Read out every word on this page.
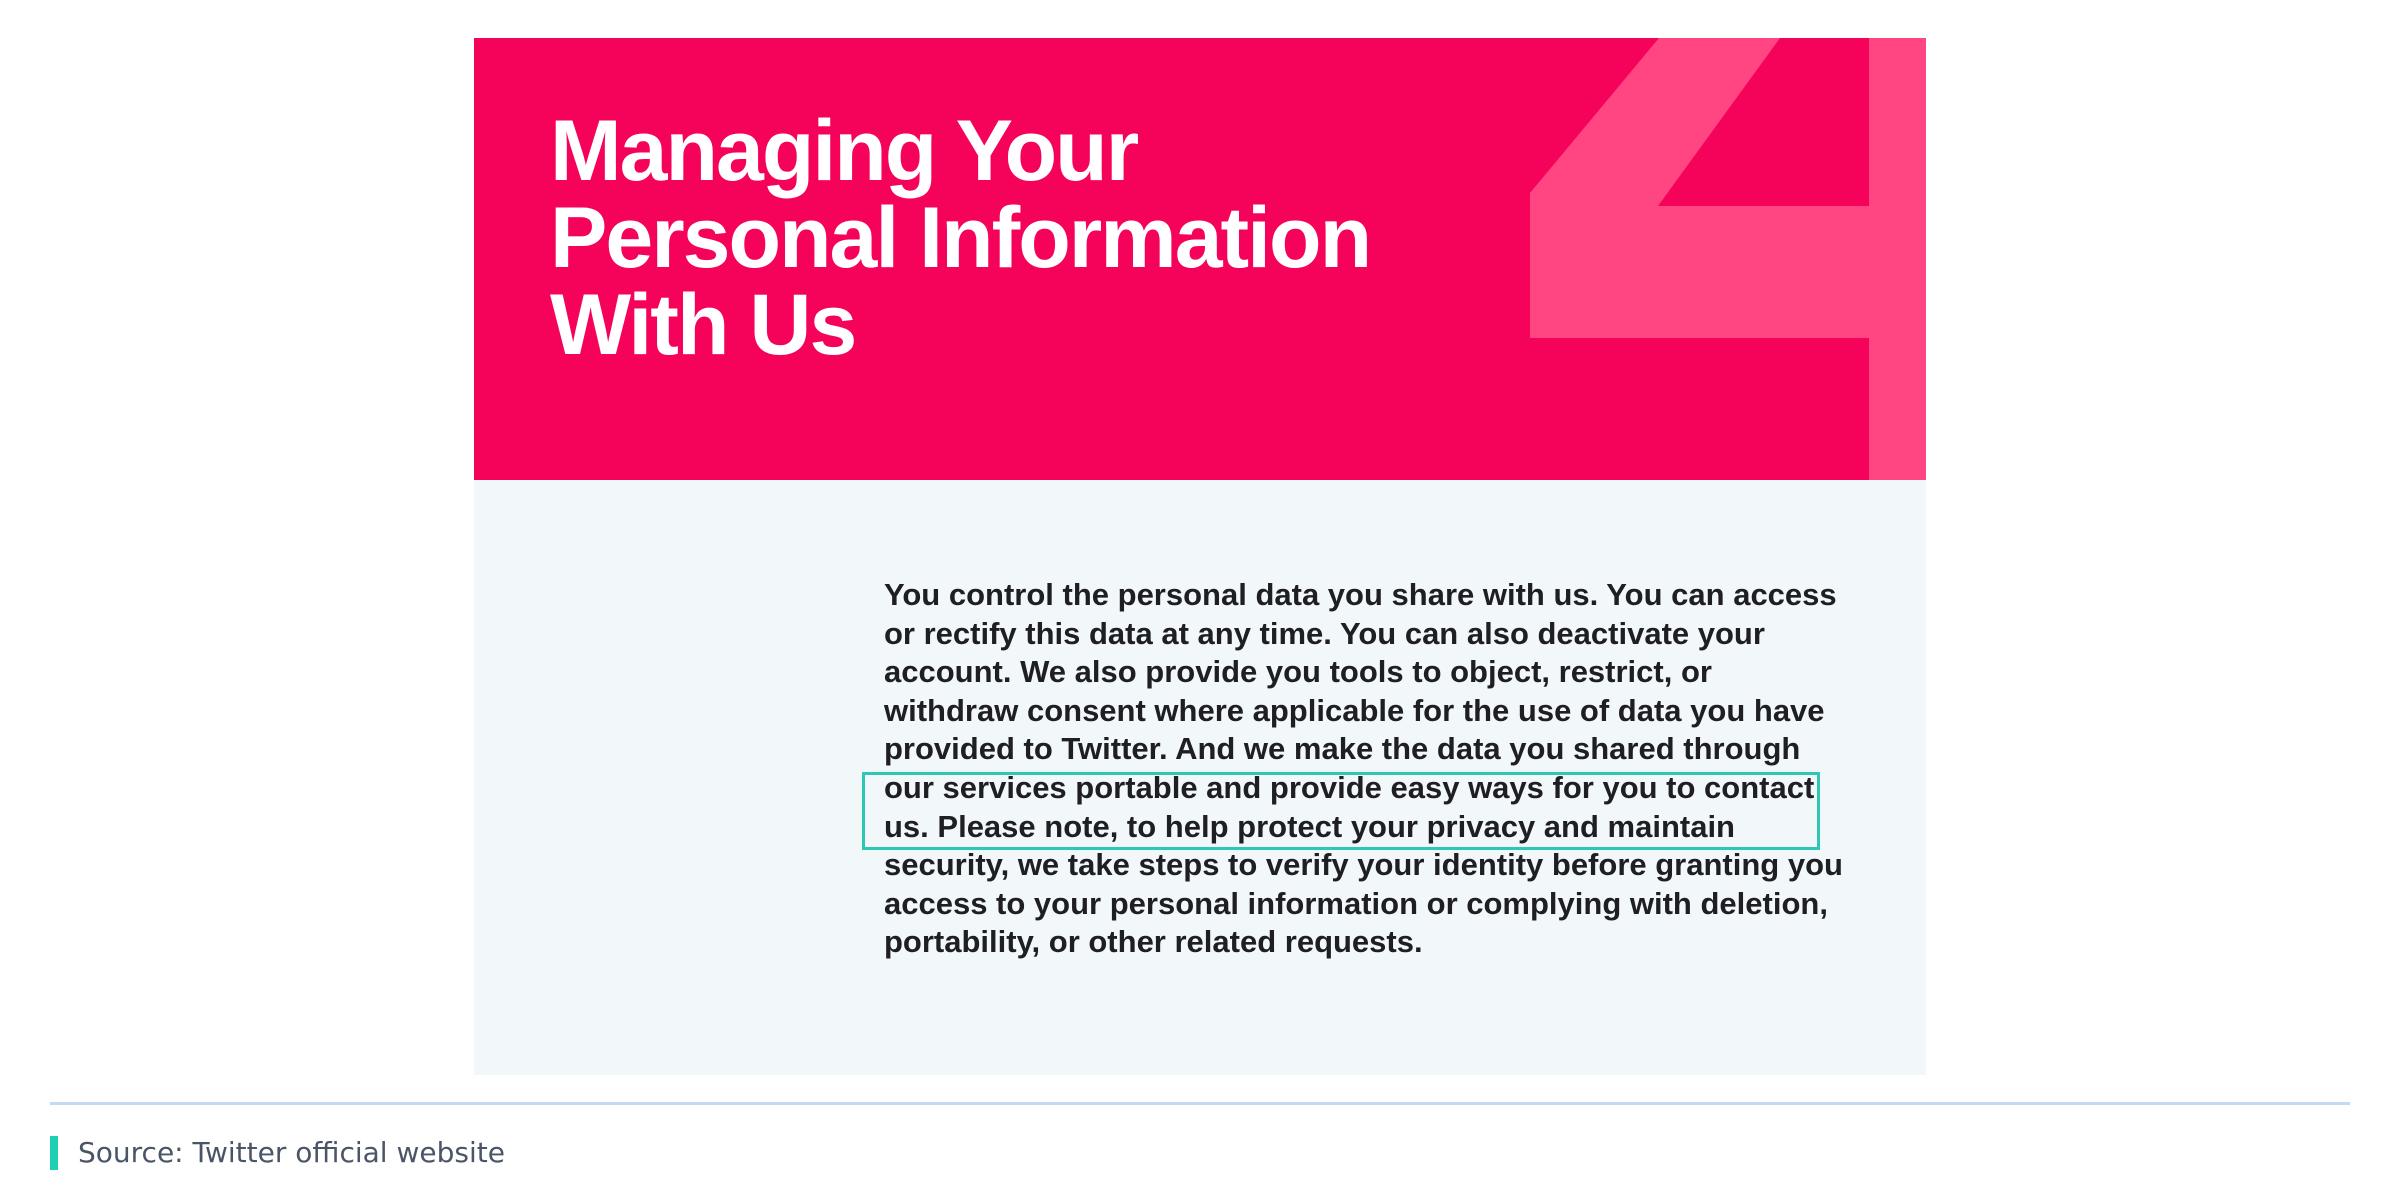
Managing Your
Personal Information
With Us

You control the personal data you share with us. You can access or rectify this data at any time. You can also deactivate your account. We also provide you tools to object, restrict, or withdraw consent where applicable for the use of data you have provided to Twitter. And we make the data you shared through our services portable and provide easy ways for you to contact us. Please note, to help protect your privacy and maintain security, we take steps to verify your identity before granting you access to your personal information or complying with deletion, portability, or other related requests.

Source: Twitter official website
